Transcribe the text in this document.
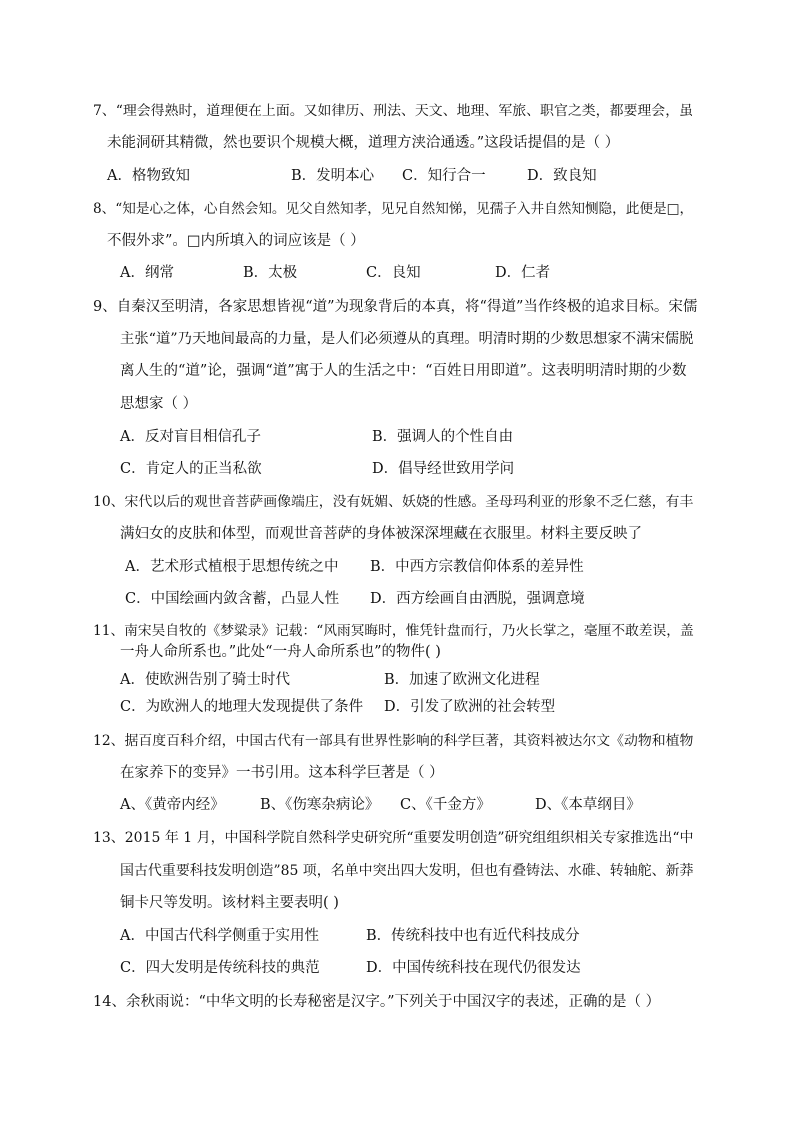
7、“理会得熟时，道理便在上面。又如律历、刑法、天文、地理、军旅、职官之类，都要理会，虽
未能洞研其精微，然也要识个规模大概，道理方浃洽通透。”这段话提倡的是（ ）
A．格物致知	B．发明本心 C．知行合一	D．致良知
8、“知是心之体，心自然会知。见父自然知孝，见兄自然知悌，见孺子入井自然知恻隐，此便是□，
不假外求”。□内所填入的词应该是（ ）
A．纲常	B．太极	C．良知	D．仁者
9、自秦汉至明清，各家思想皆视“道”为现象背后的本真，将“得道”当作终极的追求目标。宋儒
主张“道”乃天地间最高的力量，是人们必须遵从的真理。明清时期的少数思想家不满宋儒脱
离人生的“道”论，强调“道”寓于人的生活之中：“百姓日用即道”。这表明明清时期的少数
思想家（ ）
A．反对盲目相信孔子	B．强调人的个性自由
C．肯定人的正当私欲	D．倡导经世致用学问
10、宋代以后的观世音菩萨画像端庄，没有妩媚、妖娆的性感。圣母玛利亚的形象不乏仁慈，有丰
满妇女的皮肤和体型，而观世音菩萨的身体被深深埋藏在衣服里。材料主要反映了
A．艺术形式植根于思想传统之中 B．中西方宗教信仰体系的差异性
C．中国绘画内敛含蓄，凸显人性 D．西方绘画自由洒脱，强调意境
11、南宋吴自牧的《梦粱录》记载：“风雨冥晦时，惟凭针盘而行，乃火长掌之，毫厘不敢差误，盖
一舟人命所系也。”此处“一舟人命所系也”的物件( )
A．使欧洲告别了骑士时代	B．加速了欧洲文化进程
C．为欧洲人的地理大发现提供了条件 D．引发了欧洲的社会转型
12、据百度百科介绍，中国古代有一部具有世界性影响的科学巨著，其资料被达尔文《动物和植物
在家养下的变异》一书引用。这本科学巨著是（ ）
A、《黄帝内经》 B、《伤寒杂病论》 C、《千金方》	D、《本草纲目》
13、2015 年 1 月，中国科学院自然科学史研究所“重要发明创造”研究组组织相关专家推选出“中
国古代重要科技发明创造”85 项，名单中突出四大发明，但也有叠铸法、水碓、转轴舵、新莽
铜卡尺等发明。该材料主要表明( )
A．中国古代科学侧重于实用性	B．传统科技中也有近代科技成分
C．四大发明是传统科技的典范	D．中国传统科技在现代仍很发达
14、余秋雨说：“中华文明的长寿秘密是汉字。”下列关于中国汉字的表述，正确的是（ ）
